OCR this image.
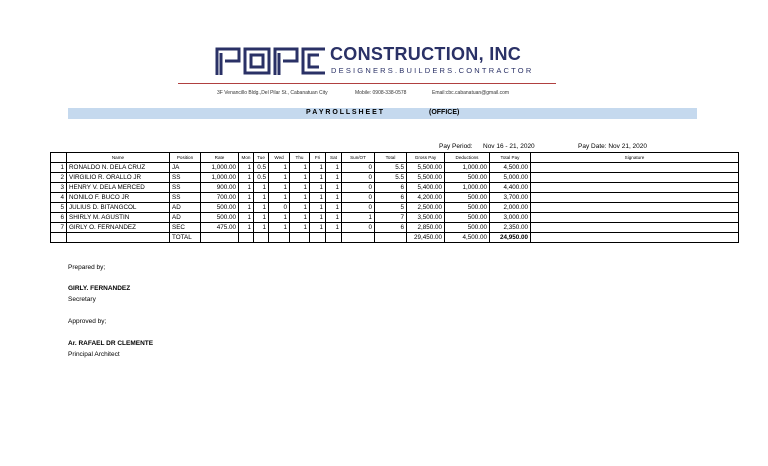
CONSTRUCTION, INC
DESIGNERS.BUILDERS.CONTRACTOR
3F Venancillo Bldg.,Del Pilar St., Cabanatuan City	Mobile: 0908-338-0578	Email:cbc.cabanatuan@gmail.com
P A Y R O L L S H E E T	(OFFICE)
Pay Period: Nov 16 - 21, 2020	Pay Date: Nov 21, 2020
	Name	Position	Rate	Mon	Tue	Wed	Thu	Fri	Sat	Sun/OT	Total	Gross Pay	Deductions	Total Pay	Signature
1	RONALDO N. DELA CRUZ	JA	1,000.00	1	0.5	1	1	1	1	0	5.5	5,500.00	1,000.00	4,500.00	
2	VIRGILIO R. ORALLO JR	SS	1,000.00	1	0.5	1	1	1	1	0	5.5	5,500.00	500.00	5,000.00	
3	HENRY V. DELA MERCED	SS	900.00	1	1	1	1	1	1	0	6	5,400.00	1,000.00	4,400.00	
4	NONILO F. BUCO JR	SS	700.00	1	1	1	1	1	1	0	6	4,200.00	500.00	3,700.00	
5	JULIUS D. BITANGCOL	AD	500.00	1	1	0	1	1	1	0	5	2,500.00	500.00	2,000.00	
6	SHIRLY M. AGUSTIN	AD	500.00	1	1	1	1	1	1	1	7	3,500.00	500.00	3,000.00	
7	GIRLY O. FERNANDEZ	SEC	475.00	1	1	1	1	1	1	0	6	2,850.00	500.00	2,350.00	
		TOTAL										29,450.00	4,500.00	24,950.00	
Prepared by;
GIRLY. FERNANDEZ
Secretary
Approved by;
Ar. RAFAEL DR CLEMENTE
Principal Architect
